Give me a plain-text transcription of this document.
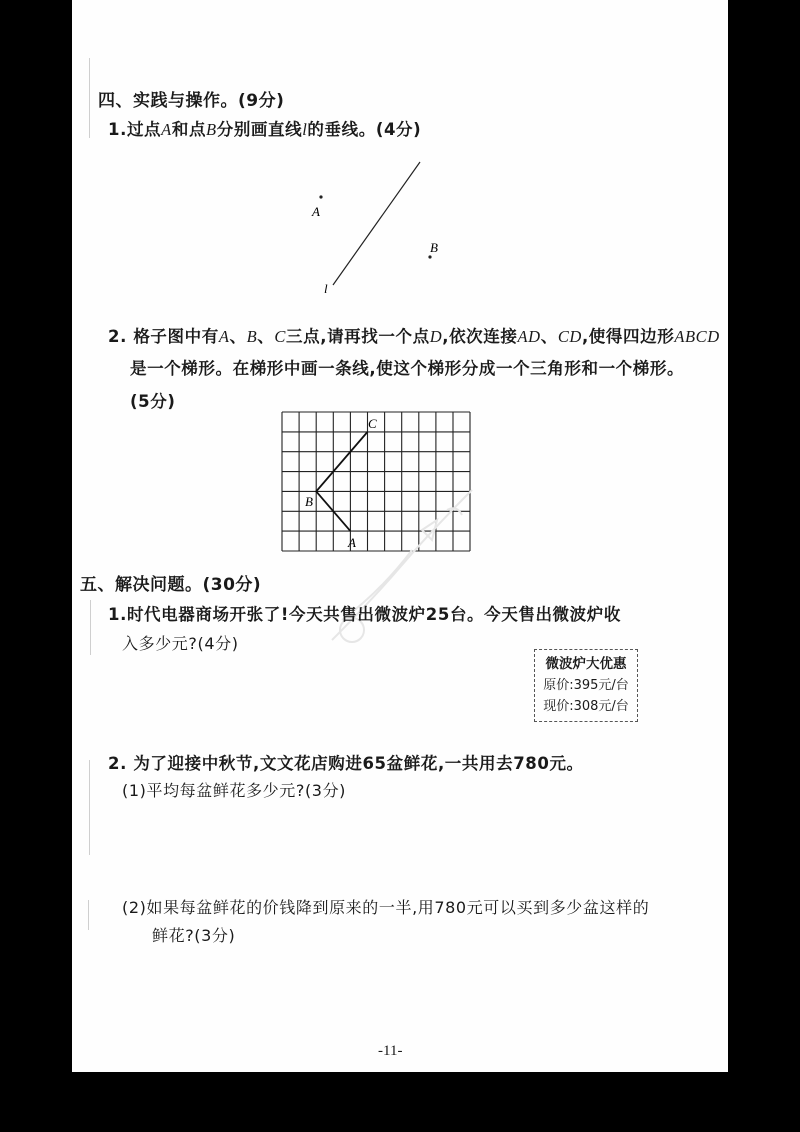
四、实践与操作。(9分)
1.过点A和点B分别画直线l的垂线。(4分)
A
B
l
2. 格子图中有A、B、C三点,请再找一个点D,依次连接AD、CD,使得四边形ABCD
是一个梯形。在梯形中画一条线,使这个梯形分成一个三角形和一个梯形。
(5分)
C
B
A
五、解决问题。(30分)
1.时代电器商场开张了!今天共售出微波炉25台。今天售出微波炉收
入多少元?(4分)
微波炉大优惠
原价:395元/台
现价:308元/台
2. 为了迎接中秋节,文文花店购进65盆鲜花,一共用去780元。
(1)平均每盆鲜花多少元?(3分)
(2)如果每盆鲜花的价钱降到原来的一半,用780元可以买到多少盆这样的
鲜花?(3分)
-11-
